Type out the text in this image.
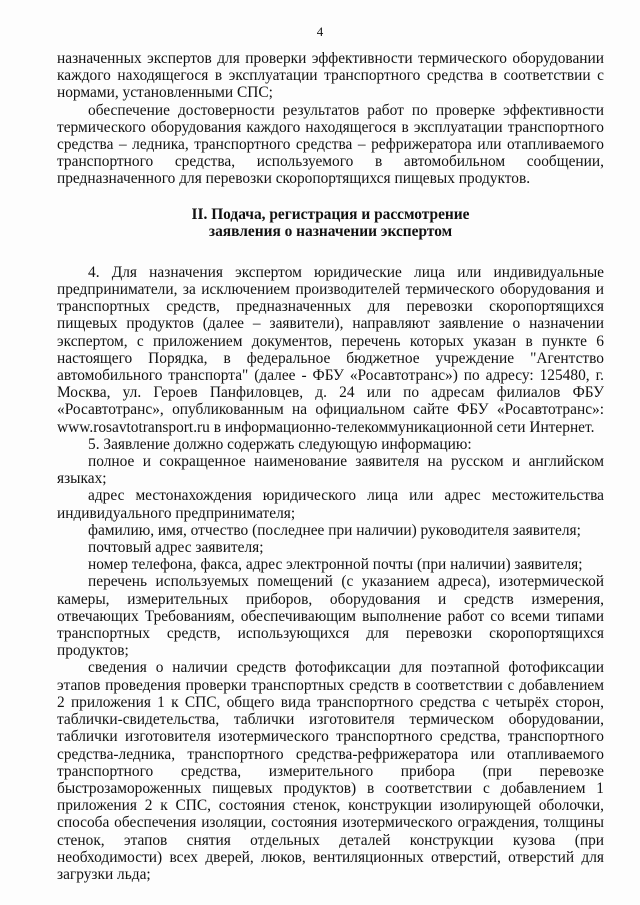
4

назначенных экспертов для проверки эффективности термического оборудовании каждого находящегося в эксплуатации транспортного средства в соответствии с нормами, установленными СПС;

обеспечение достоверности результатов работ по проверке эффективности термического оборудования каждого находящегося в эксплуатации транспортного средства – ледника, транспортного средства – рефрижератора или отапливаемого транспортного средства, используемого в автомобильном сообщении, предназначенного для перевозки скоропортящихся пищевых продуктов.

II. Подача, регистрация и рассмотрение
заявления о назначении экспертом

4. Для назначения экспертом юридические лица или индивидуальные предприниматели, за исключением производителей термического оборудования и транспортных средств, предназначенных для перевозки скоропортящихся пищевых продуктов (далее – заявители), направляют заявление о назначении экспертом, с приложением документов, перечень которых указан в пункте 6 настоящего Порядка, в федеральное бюджетное учреждение "Агентство автомобильного транспорта" (далее - ФБУ «Росавтотранс») по адресу: 125480, г. Москва, ул. Героев Панфиловцев, д. 24 или по адресам филиалов ФБУ «Росавтотранс», опубликованным на официальном сайте ФБУ «Росавтотранс»: www.rosavtotransport.ru в информационно-телекоммуникационной сети Интернет.

5. Заявление должно содержать следующую информацию:

полное и сокращенное наименование заявителя на русском и английском языках;

адрес местонахождения юридического лица или адрес местожительства индивидуального предпринимателя;

фамилию, имя, отчество (последнее при наличии) руководителя заявителя;

почтовый адрес заявителя;

номер телефона, факса, адрес электронной почты (при наличии) заявителя;

перечень используемых помещений (с указанием адреса), изотермической камеры, измерительных приборов, оборудования и средств измерения, отвечающих Требованиям, обеспечивающим выполнение работ со всеми типами транспортных средств, использующихся для перевозки скоропортящихся продуктов;

сведения о наличии средств фотофиксации для поэтапной фотофиксации этапов проведения проверки транспортных средств в соответствии с добавлением 2 приложения 1 к СПС, общего вида транспортного средства с четырёх сторон, таблички-свидетельства, таблички изготовителя термическом оборудовании, таблички изготовителя изотермического транспортного средства, транспортного средства-ледника, транспортного средства-рефрижератора или отапливаемого транспортного средства, измерительного прибора (при перевозке быстрозамороженных пищевых продуктов) в соответствии с добавлением 1 приложения 2 к СПС, состояния стенок, конструкции изолирующей оболочки, способа обеспечения изоляции, состояния изотермического ограждения, толщины стенок, этапов снятия отдельных деталей конструкции кузова (при необходимости) всех дверей, люков, вентиляционных отверстий, отверстий для загрузки льда;
